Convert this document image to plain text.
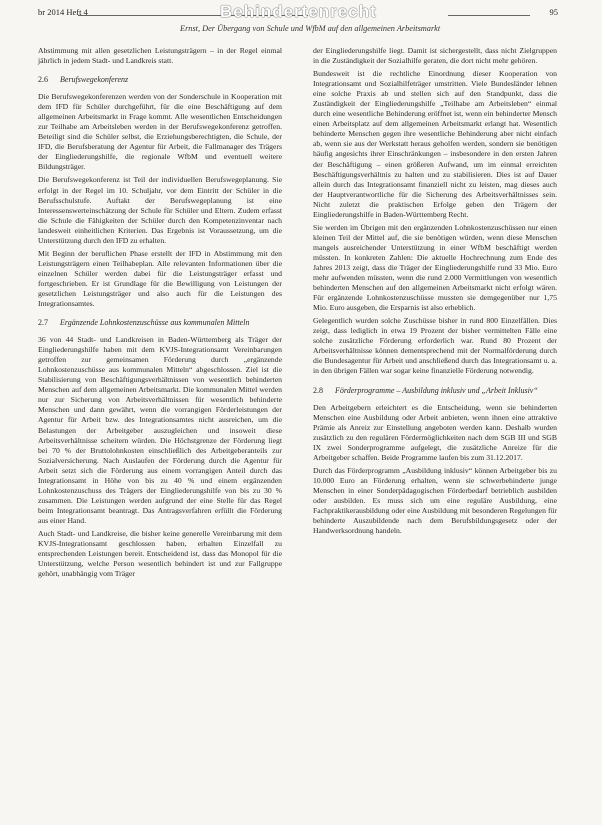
br 2014 Heft 4	Behindertenrecht	95
Ernst, Der Übergang von Schule und WfbM auf den allgemeinen Arbeitsmarkt

Abstimmung mit allen gesetzlichen Leistungsträgern – in der Regel einmal jährlich in jedem Stadt- und Landkreis statt.

2.6 Berufswegekonferenz

Die Berufswegekonferenzen werden von der Sonderschule in Kooperation mit dem IFD für Schüler durchgeführt, für die eine Beschäftigung auf dem allgemeinen Arbeitsmarkt in Frage kommt. Alle wesentlichen Entscheidungen zur Teilhabe am Arbeitsleben werden in der Berufswegekonferenz getroffen. Beteiligt sind die Schüler selbst, die Erziehungsberechtigten, die Schule, der IFD, die Berufsberatung der Agentur für Arbeit, die Fallmanager des Trägers der Eingliederungshilfe, die regionale WfbM und eventuell weitere Bildungsträger.

Die Berufswegekonferenz ist Teil der individuellen Berufswegeplanung. Sie erfolgt in der Regel im 10. Schuljahr, vor dem Eintritt der Schüler in die Berufsschulstufe. Auftakt der Berufswegeplanung ist eine Interessenswerteinschätzung der Schule für Schüler und Eltern. Zudem erfasst die Schule die Fähigkeiten der Schüler durch den Kompetenzinventar nach landesweit einheitlichen Kriterien. Das Ergebnis ist Voraussetzung, um die Unterstützung durch den IFD zu erhalten.

Mit Beginn der beruflichen Phase erstellt der IFD in Abstimmung mit den Leistungsträgern einen Teilhabeplan. Alle relevanten Informationen über die einzelnen Schüler werden dabei für die Leistungsträger erfasst und fortgeschrieben. Er ist Grundlage für die Bewilligung von Leistungen der gesetzlichen Leistungsträger und also auch für die Leistungen des Integrationsamtes.

2.7 Ergänzende Lohnkostenzuschüsse aus kommunalen Mitteln

36 von 44 Stadt- und Landkreisen in Baden-Württemberg als Träger der Eingliederungshilfe haben mit dem KVJS-Integrationsamt Vereinbarungen getroffen zur gemeinsamen Förderung durch „ergänzende Lohnkostenzuschüsse aus kommunalen Mitteln“ abgeschlossen. Ziel ist die Stabilisierung von Beschäftigungsverhältnissen von wesentlich behinderten Menschen auf dem allgemeinen Arbeitsmarkt. Die kommunalen Mittel werden nur zur Sicherung von Arbeitsverhältnissen für wesentlich behinderte Menschen und dann gewährt, wenn die vorrangigen Förderleistungen der Agentur für Arbeit bzw. des Integrationsamtes nicht ausreichen, um die Belastungen der Arbeitgeber auszugleichen und insoweit diese Arbeitsverhältnisse scheitern würden. Die Höchstgrenze der Förderung liegt bei 70 % der Bruttolohnkosten einschließlich des Arbeitgeberanteils zur Sozialversicherung. Nach Auslaufen der Förderung durch die Agentur für Arbeit setzt sich die Förderung aus einem vorrangigen Anteil durch das Integrationsamt in Höhe von bis zu 40 % und einem ergänzenden Lohnkostenzuschuss des Trägers der Eingliederungshilfe von bis zu 30 % zusammen. Die Leistungen werden aufgrund der eine Stelle für das Regel beim Integrationsamt beantragt. Das Antragsverfahren erfüllt die Förderung aus einer Hand.

Auch Stadt- und Landkreise, die bisher keine generelle Vereinbarung mit dem KVJS-Integrationsamt geschlossen haben, erhalten Einzelfall zu entsprechenden Leistungen bereit. Entscheidend ist, dass das Monopol für die Unterstützung, welche Person wesentlich behindert ist und zur Fallgruppe gehört, unabhängig vom Träger

der Eingliederungshilfe liegt. Damit ist sichergestellt, dass nicht Zielgruppen in die Zuständigkeit der Sozialhilfe geraten, die dort nicht mehr gehören.

Bundesweit ist die rechtliche Einordnung dieser Kooperation von Integrationsamt und Sozialhilfeträger umstritten. Viele Bundesländer lehnen eine solche Praxis ab und stellen sich auf den Standpunkt, dass die Zuständigkeit der Eingliederungshilfe „Teilhabe am Arbeitsleben“ einmal durch eine wesentliche Behinderung eröffnet ist, wenn ein behinderter Mensch einen Arbeitsplatz auf dem allgemeinen Arbeitsmarkt erlangt hat. Wesentlich behinderte Menschen gegen ihre wesentliche Behinderung aber nicht einfach ab, wenn sie aus der Werkstatt heraus geholfen werden, sondern sie benötigen häufig angesichts ihrer Einschränkungen – insbesondere in den ersten Jahren der Beschäftigung – einen größeren Aufwand, um im einmal erreichten Beschäftigungsverhältnis zu halten und zu stabilisieren. Dies ist auf Dauer allein durch das Integrationsamt finanziell nicht zu leisten, mag dieses auch der Hauptverantwortliche für die Sicherung des Arbeitsverhältnisses sein. Nicht zuletzt die praktischen Erfolge geben den Trägern der Eingliederungshilfe in Baden-Württemberg Recht.

Sie werden im Übrigen mit den ergänzenden Lohnkostenzuschüssen nur einen kleinen Teil der Mittel auf, die sie benötigen würden, wenn diese Menschen mangels ausreichender Unterstützung in einer WfbM beschäftigt werden müssten. In konkreten Zahlen: Die aktuelle Hochrechnung zum Ende des Jahres 2013 zeigt, dass die Träger der Eingliederungshilfe rund 33 Mio. Euro mehr aufwenden müssten, wenn die rund 2.000 Vermittlungen von wesentlich behinderten Menschen auf den allgemeinen Arbeitsmarkt nicht erfolgt wären. Für ergänzende Lohnkostenzuschüsse mussten sie demgegenüber nur 1,75 Mio. Euro ausgeben, die Ersparnis ist also erheblich.

Gelegentlich wurden solche Zuschüsse bisher in rund 800 Einzelfällen. Dies zeigt, dass lediglich in etwa 19 Prozent der bisher vermittelten Fälle eine solche zusätzliche Förderung erforderlich war. Rund 80 Prozent der Arbeitsverhältnisse können dementsprechend mit der Normalförderung durch die Bundesagentur für Arbeit und anschließend durch das Integrationsamt u. a. in den übrigen Fällen war sogar keine finanzielle Förderung notwendig.

2.8 Förderprogramme – Ausbildung inklusiv und „Arbeit Inklusiv“

Den Arbeitgebern erleichtert es die Entscheidung, wenn sie behinderten Menschen eine Ausbildung oder Arbeit anbieten, wenn ihnen eine attraktive Prämie als Anreiz zur Einstellung angeboten werden kann. Deshalb wurden zusätzlich zu den regulären Fördermöglichkeiten nach dem SGB III und SGB IX zwei Sonderprogramme aufgelegt, die zusätzliche Anreize für die Arbeitgeber schaffen. Beide Programme laufen bis zum 31.12.2017.

Durch das Förderprogramm „Ausbildung inklusiv“ können Arbeitgeber bis zu 10.000 Euro an Förderung erhalten, wenn sie schwerbehinderte junge Menschen in einer Sonderpädagogischen Förderbedarf betrieblich ausbilden oder ausbilden. Es muss sich um eine reguläre Ausbildung, eine Fachpraktikerausbildung oder eine Ausbildung mit besonderen Regelungen für behinderte Auszubildende nach dem Berufsbildungsgesetz oder der Handwerksordnung handeln.
